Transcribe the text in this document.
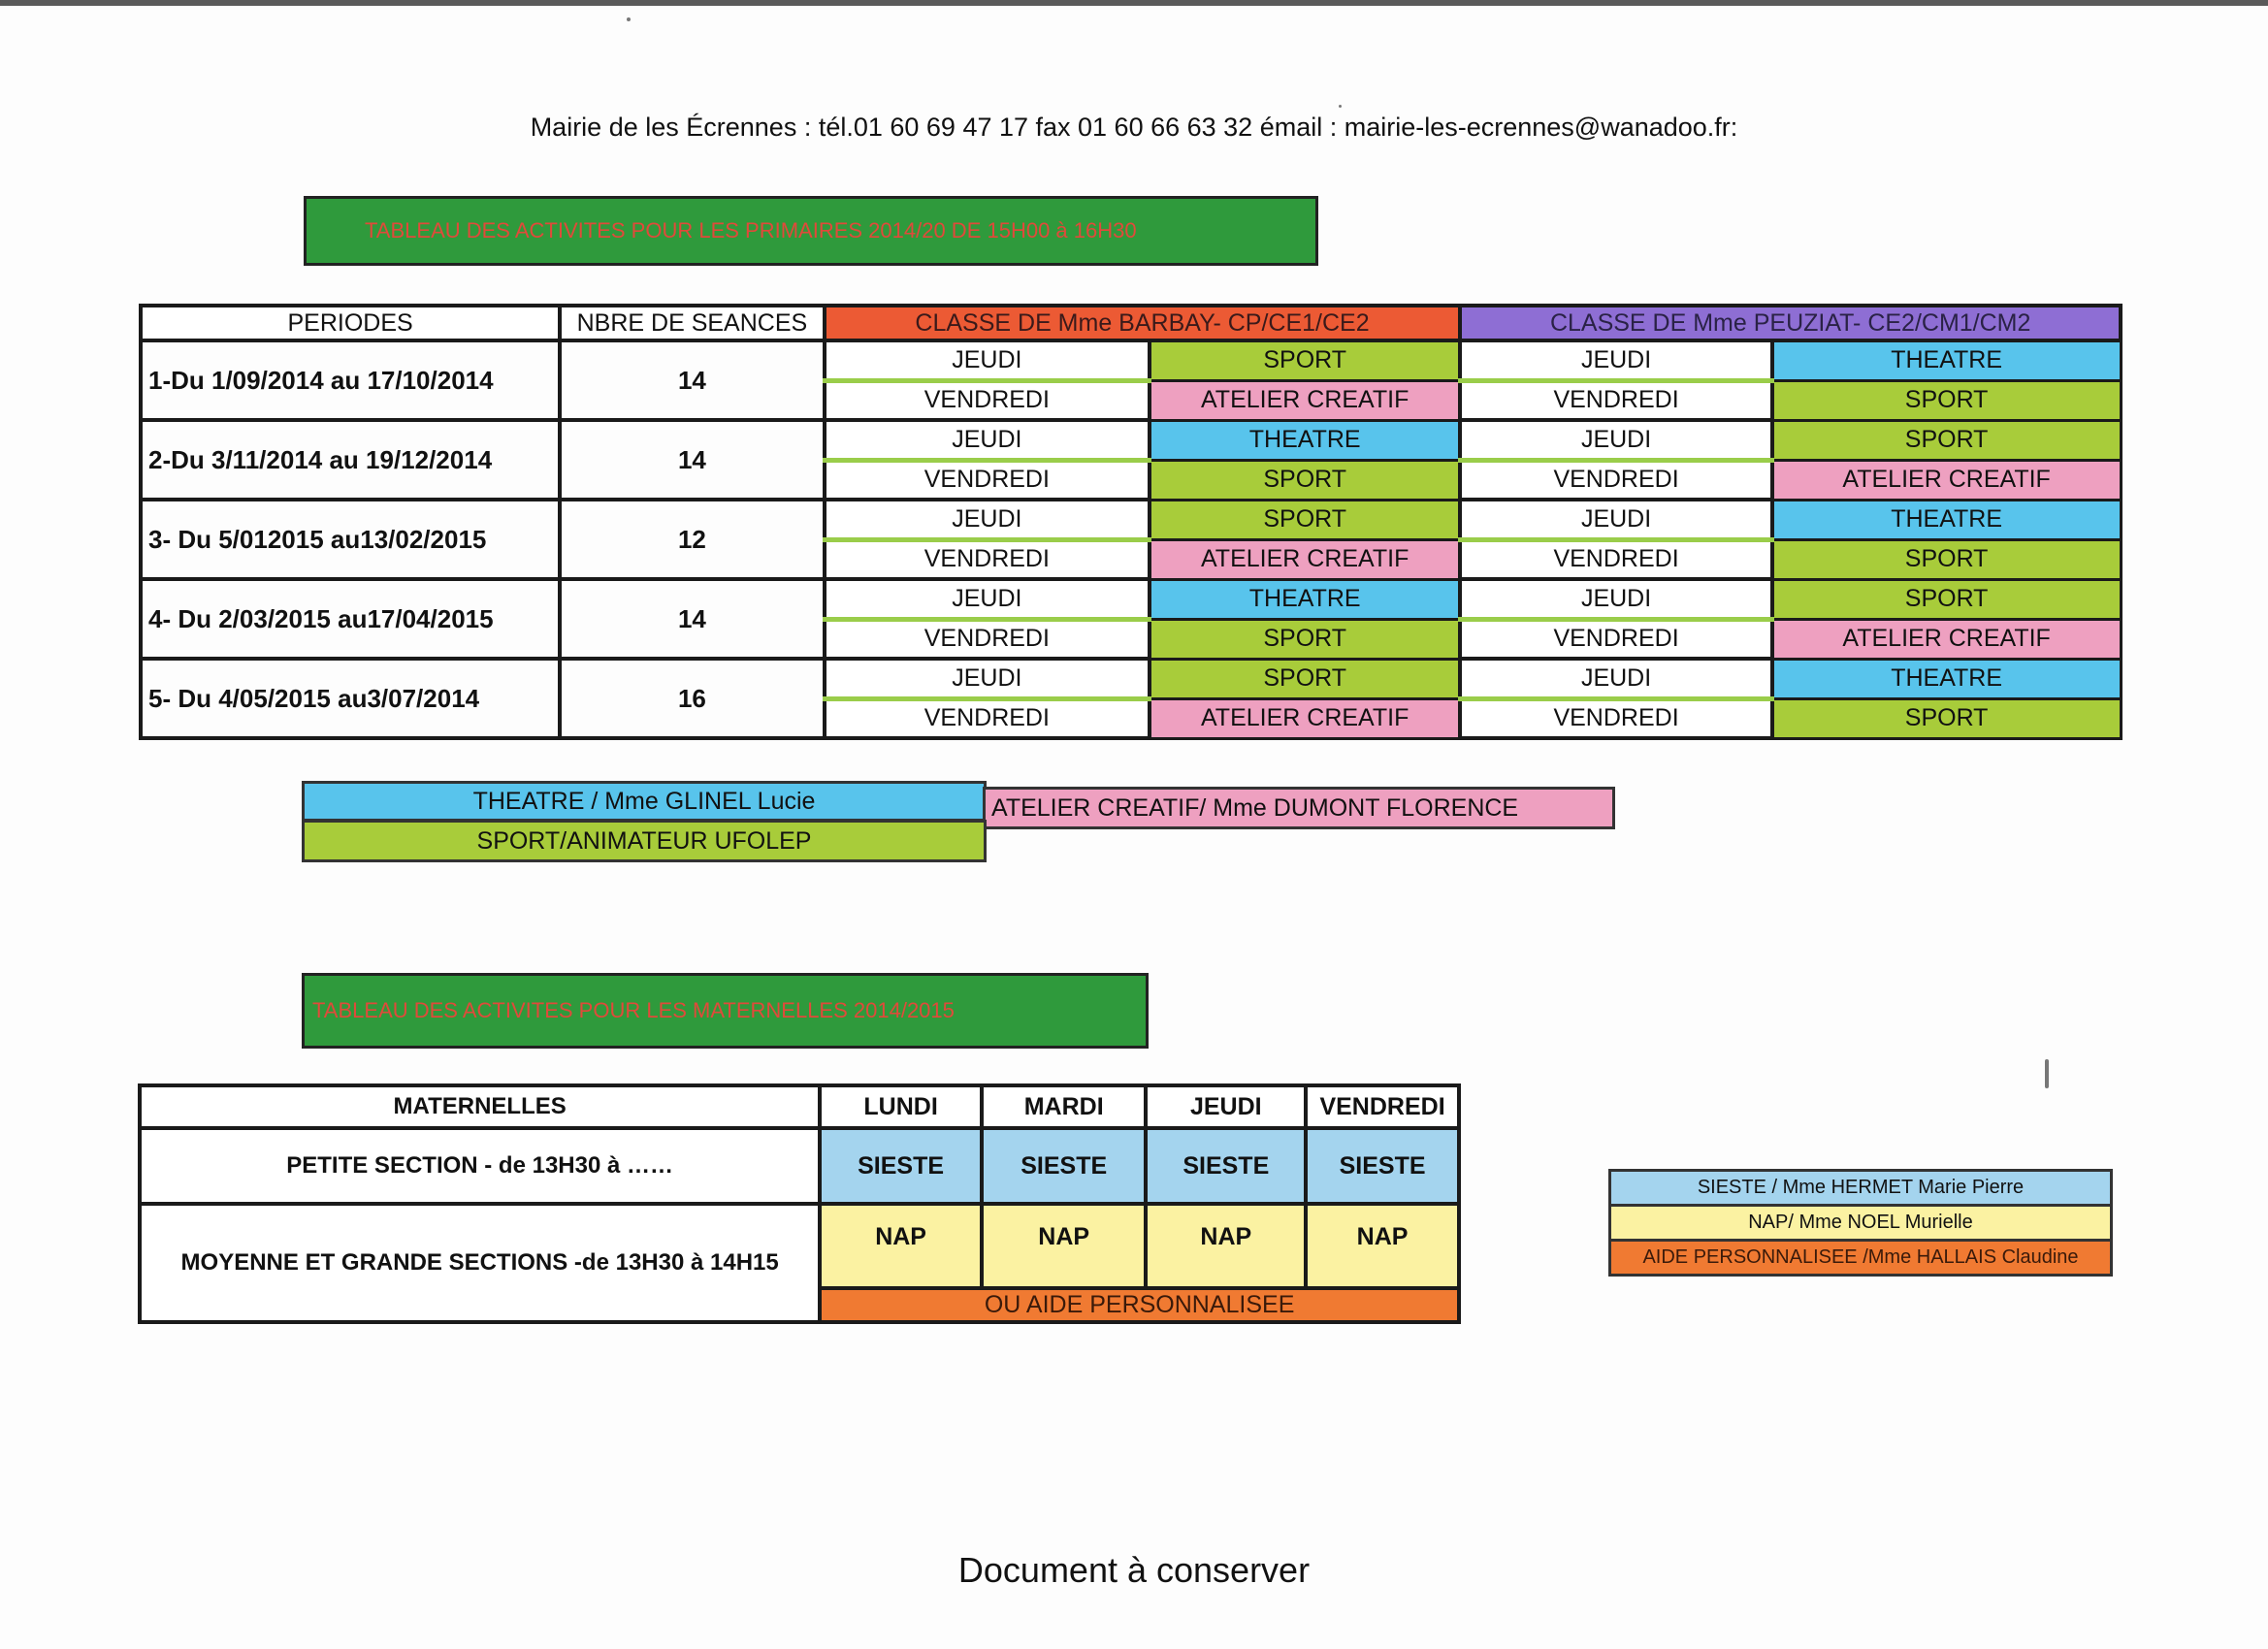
Mairie de les Écrennes : tél.01 60 69 47 17 fax 01 60 66 63 32 émail : mairie-les-ecrennes@wanadoo.fr:
TABLEAU DES ACTIVITES POUR LES PRIMAIRES 2014/20 DE 15H00 à 16H30
PERIODES	NBRE DE SEANCES	CLASSE DE Mme BARBAY- CP/CE1/CE2		CLASSE DE Mme PEUZIAT- CE2/CM1/CM2	
1-Du 1/09/2014 au 17/10/2014	14	JEUDI	SPORT	JEUDI	THEATRE
		VENDREDI	ATELIER CREATIF	VENDREDI	SPORT
2-Du 3/11/2014 au 19/12/2014	14	JEUDI	THEATRE	JEUDI	SPORT
		VENDREDI	SPORT	VENDREDI	ATELIER CREATIF
3- Du 5/012015 au13/02/2015	12	JEUDI	SPORT	JEUDI	THEATRE
		VENDREDI	ATELIER CREATIF	VENDREDI	SPORT
4- Du 2/03/2015 au17/04/2015	14	JEUDI	THEATRE	JEUDI	SPORT
		VENDREDI	SPORT	VENDREDI	ATELIER CREATIF
5- Du 4/05/2015 au3/07/2014	16	JEUDI	SPORT	JEUDI	THEATRE
		VENDREDI	ATELIER CREATIF	VENDREDI	SPORT
THEATRE / Mme GLINEL Lucie	ATELIER CREATIF/ Mme DUMONT FLORENCE
SPORT/ANIMATEUR UFOLEP
TABLEAU DES ACTIVITES POUR LES MATERNELLES 2014/2015
MATERNELLES	LUNDI	MARDI	JEUDI	VENDREDI
PETITE SECTION - de 13H30 à ……	SIESTE	SIESTE	SIESTE	SIESTE
MOYENNE ET GRANDE SECTIONS -de 13H30 à 14H15	NAP	NAP	NAP	NAP
	OU AIDE PERSONNALISEE			
SIESTE / Mme HERMET Marie Pierre
NAP/ Mme NOEL Murielle
AIDE PERSONNALISEE /Mme HALLAIS Claudine
Document à conserver
